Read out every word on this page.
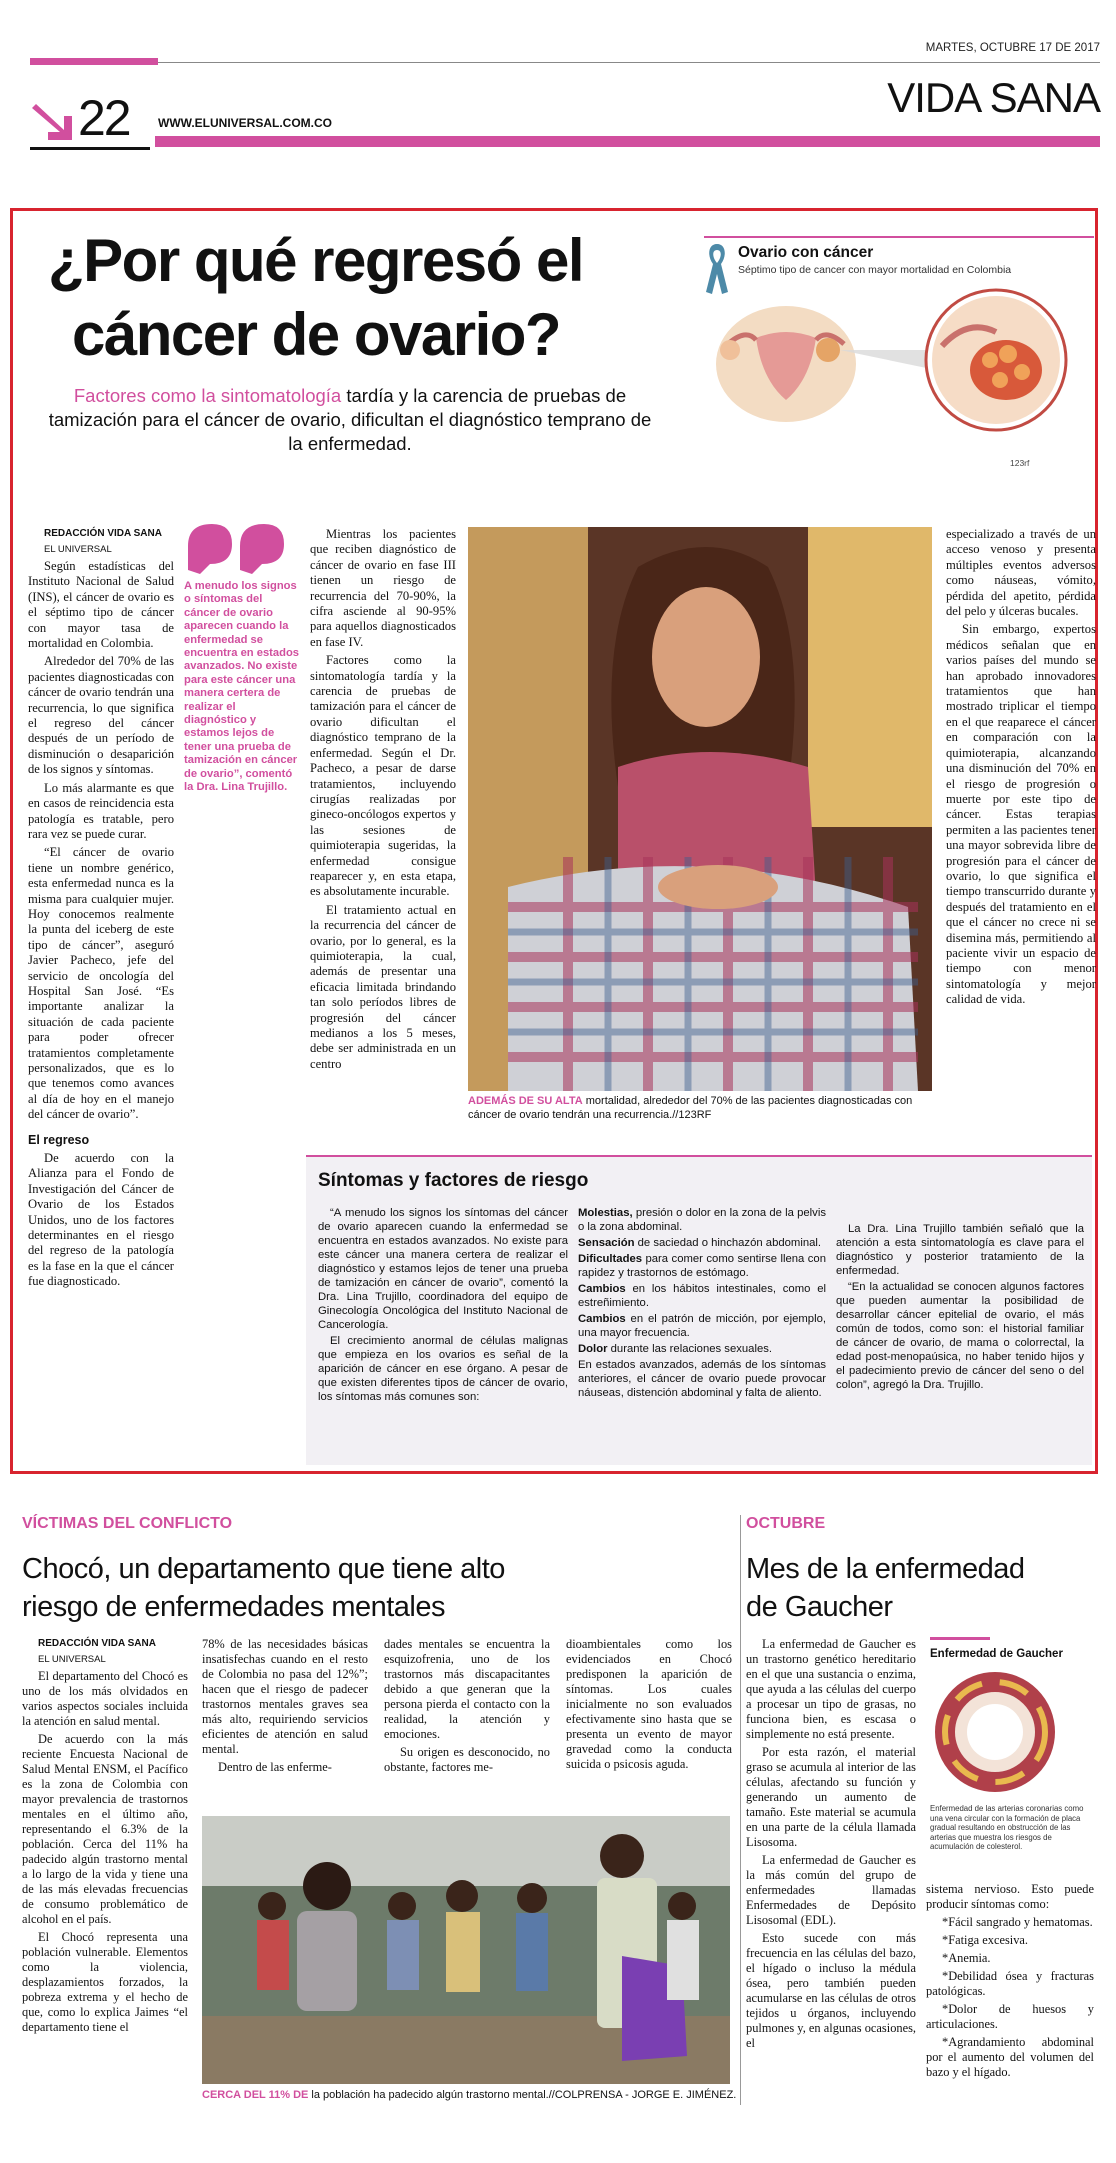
MARTES, OCTUBRE 17 DE 2017
22 WWW.ELUNIVERSAL.COM.CO
VIDA SANA
¿Por qué regresó el
cáncer de ovario?
Factores como la sintomatología tardía y la carencia de pruebas de tamización para el cáncer de ovario, dificultan el diagnóstico temprano de la enfermedad.
Ovario con cáncer
Séptimo tipo de cancer con mayor mortalidad en Colombia
123rf

REDACCIÓN VIDA SANA

EL UNIVERSAL

Según estadísticas del Instituto Nacional de Salud (INS), el cáncer de ovario es el séptimo tipo de cáncer con mayor tasa de mortalidad en Colombia.

Alrededor del 70% de las pacientes diagnosticadas con cáncer de ovario tendrán una recurrencia, lo que significa el regreso del cáncer después de un período de disminución o desaparición de los signos y síntomas.

Lo más alarmante es que en casos de reincidencia esta patología es tratable, pero rara vez se puede curar.

“El cáncer de ovario tiene un nombre genérico, esta enfermedad nunca es la misma para cualquier mujer. Hoy conocemos realmente la punta del iceberg de este tipo de cáncer”, aseguró Javier Pacheco, jefe del servicio de oncología del Hospital San José. “Es importante analizar la situación de cada paciente para poder ofrecer tratamientos completamente personalizados, que es lo que tenemos como avances al día de hoy en el manejo del cáncer de ovario”.

El regreso

De acuerdo con la Alianza para el Fondo de Investigación del Cáncer de Ovario de los Estados Unidos, uno de los factores determinantes en el riesgo del regreso de la patología es la fase en la que el cáncer fue diagnosticado.

A menudo los signos o síntomas del cáncer de ovario aparecen cuando la enfermedad se encuentra en estados avanzados. No existe para este cáncer una manera certera de realizar el diagnóstico y estamos lejos de tener una prueba de tamización en cáncer de ovario”, comentó la Dra. Lina Trujillo.

Mientras los pacientes que reciben diagnóstico de cáncer de ovario en fase III tienen un riesgo de recurrencia del 70-90%, la cifra asciende al 90-95% para aquellos diagnosticados en fase IV.

Factores como la sintomatología tardía y la carencia de pruebas de tamización para el cáncer de ovario dificultan el diagnóstico temprano de la enfermedad. Según el Dr. Pacheco, a pesar de darse tratamientos, incluyendo cirugías realizadas por gineco-oncólogos expertos y las sesiones de quimioterapia sugeridas, la enfermedad consigue reaparecer y, en esta etapa, es absolutamente incurable.

El tratamiento actual en la recurrencia del cáncer de ovario, por lo general, es la quimioterapia, la cual, además de presentar una eficacia limitada brindando tan solo períodos libres de progresión del cáncer medianos a los 5 meses, debe ser administrada en un centro

ADEMÁS DE SU ALTA mortalidad, alrededor del 70% de las pacientes diagnosticadas con cáncer de ovario tendrán una recurrencia.//123RF

especializado a través de un acceso venoso y presenta múltiples eventos adversos como náuseas, vómito, pérdida del apetito, pérdida del pelo y úlceras bucales.

Sin embargo, expertos médicos señalan que en varios países del mundo se han aprobado innovadores tratamientos que han mostrado triplicar el tiempo en el que reaparece el cáncer en comparación con la quimioterapia, alcanzando una disminución del 70% en el riesgo de progresión o muerte por este tipo de cáncer. Estas terapias permiten a las pacientes tener una mayor sobrevida libre de progresión para el cáncer de ovario, lo que significa el tiempo transcurrido durante y después del tratamiento en el que el cáncer no crece ni se disemina más, permitiendo al paciente vivir un espacio de tiempo con menor sintomatología y mejor calidad de vida.

Síntomas y factores de riesgo

“A menudo los signos los síntomas del cáncer de ovario aparecen cuando la enfermedad se encuentra en estados avanzados. No existe para este cáncer una manera certera de realizar el diagnóstico y estamos lejos de tener una prueba de tamización en cáncer de ovario”, comentó la Dra. Lina Trujillo, coordinadora del equipo de Ginecología Oncológica del Instituto Nacional de Cancerología.

El crecimiento anormal de células malignas que empieza en los ovarios es señal de la aparición de cáncer en ese órgano. A pesar de que existen diferentes tipos de cáncer de ovario, los síntomas más comunes son:

Molestias, presión o dolor en la zona de la pelvis o la zona abdominal.

Sensación de saciedad o hinchazón abdominal.

Dificultades para comer como sentirse llena con rapidez y trastornos de estómago.

Cambios en los hábitos intestinales, como el estreñimiento.

Cambios en el patrón de micción, por ejemplo, una mayor frecuencia.

Dolor durante las relaciones sexuales.

En estados avanzados, además de los síntomas anteriores, el cáncer de ovario puede provocar náuseas, distención abdominal y falta de aliento.

La Dra. Lina Trujillo también señaló que la atención a esta sintomatología es clave para el diagnóstico y posterior tratamiento de la enfermedad.

“En la actualidad se conocen algunos factores que pueden aumentar la posibilidad de desarrollar cáncer epitelial de ovario, el más común de todos, como son: el historial familiar de cáncer de ovario, de mama o colorrectal, la edad post-menopaúsica, no haber tenido hijos y el padecimiento previo de cáncer del seno o del colon”, agregó la Dra. Trujillo.

VÍCTIMAS DEL CONFLICTO
Chocó, un departamento que tiene alto
riesgo de enfermedades mentales

REDACCIÓN VIDA SANA

EL UNIVERSAL

El departamento del Chocó es uno de los más olvidados en varios aspectos sociales incluida la atención en salud mental.

De acuerdo con la más reciente Encuesta Nacional de Salud Mental ENSM, el Pacífico es la zona de Colombia con mayor prevalencia de trastornos mentales en el último año, representando el 6.3% de la población. Cerca del 11% ha padecido algún trastorno mental a lo largo de la vida y tiene una de las más elevadas frecuencias de consumo problemático de alcohol en el país.

El Chocó representa una población vulnerable. Elementos como la violencia, desplazamientos forzados, la pobreza extrema y el hecho de que, como lo explica Jaimes “el departamento tiene el

78% de las necesidades básicas insatisfechas cuando en el resto de Colombia no pasa del 12%”; hacen que el riesgo de padecer trastornos mentales graves sea más alto, requiriendo servicios eficientes de atención en salud mental.

Dentro de las enferme-

dades mentales se encuentra la esquizofrenia, uno de los trastornos más discapacitantes debido a que generan que la persona pierda el contacto con la realidad, la atención y emociones.

Su origen es desconocido, no obstante, factores me-

dioambientales como los evidenciados en Chocó predisponen la aparición de síntomas. Los cuales inicialmente no son evaluados efectivamente sino hasta que se presenta un evento de mayor gravedad como la conducta suicida o psicosis aguda.

CERCA DEL 11% DE la población ha padecido algún trastorno mental.//COLPRENSA - JORGE E. JIMÉNEZ.
OCTUBRE
Mes de la enfermedad
de Gaucher

La enfermedad de Gaucher es un trastorno genético hereditario en el que una sustancia o enzima, que ayuda a las células del cuerpo a procesar un tipo de grasas, no funciona bien, es escasa o simplemente no está presente.

Por esta razón, el material graso se acumula al interior de las células, afectando su función y generando un aumento de tamaño. Este material se acumula en una parte de la célula llamada Lisosoma.

La enfermedad de Gaucher es la más común del grupo de enfermedades llamadas Enfermedades de Depósito Lisosomal (EDL).

Esto sucede con más frecuencia en las células del bazo, el hígado o incluso la médula ósea, pero también pueden acumularse en las células de otros tejidos u órganos, incluyendo pulmones y, en algunas ocasiones, el

Enfermedad de Gaucher
Enfermedad de las arterias coronarias como una vena circular con la formación de placa gradual resultando en obstrucción de las arterias que muestra los riesgos de acumulación de colesterol.

sistema nervioso. Esto puede producir síntomas como:

*Fácil sangrado y hematomas.

*Fatiga excesiva.

*Anemia.

*Debilidad ósea y fracturas patológicas.

*Dolor de huesos y articulaciones.

*Agrandamiento abdominal por el aumento del volumen del bazo y el hígado.
